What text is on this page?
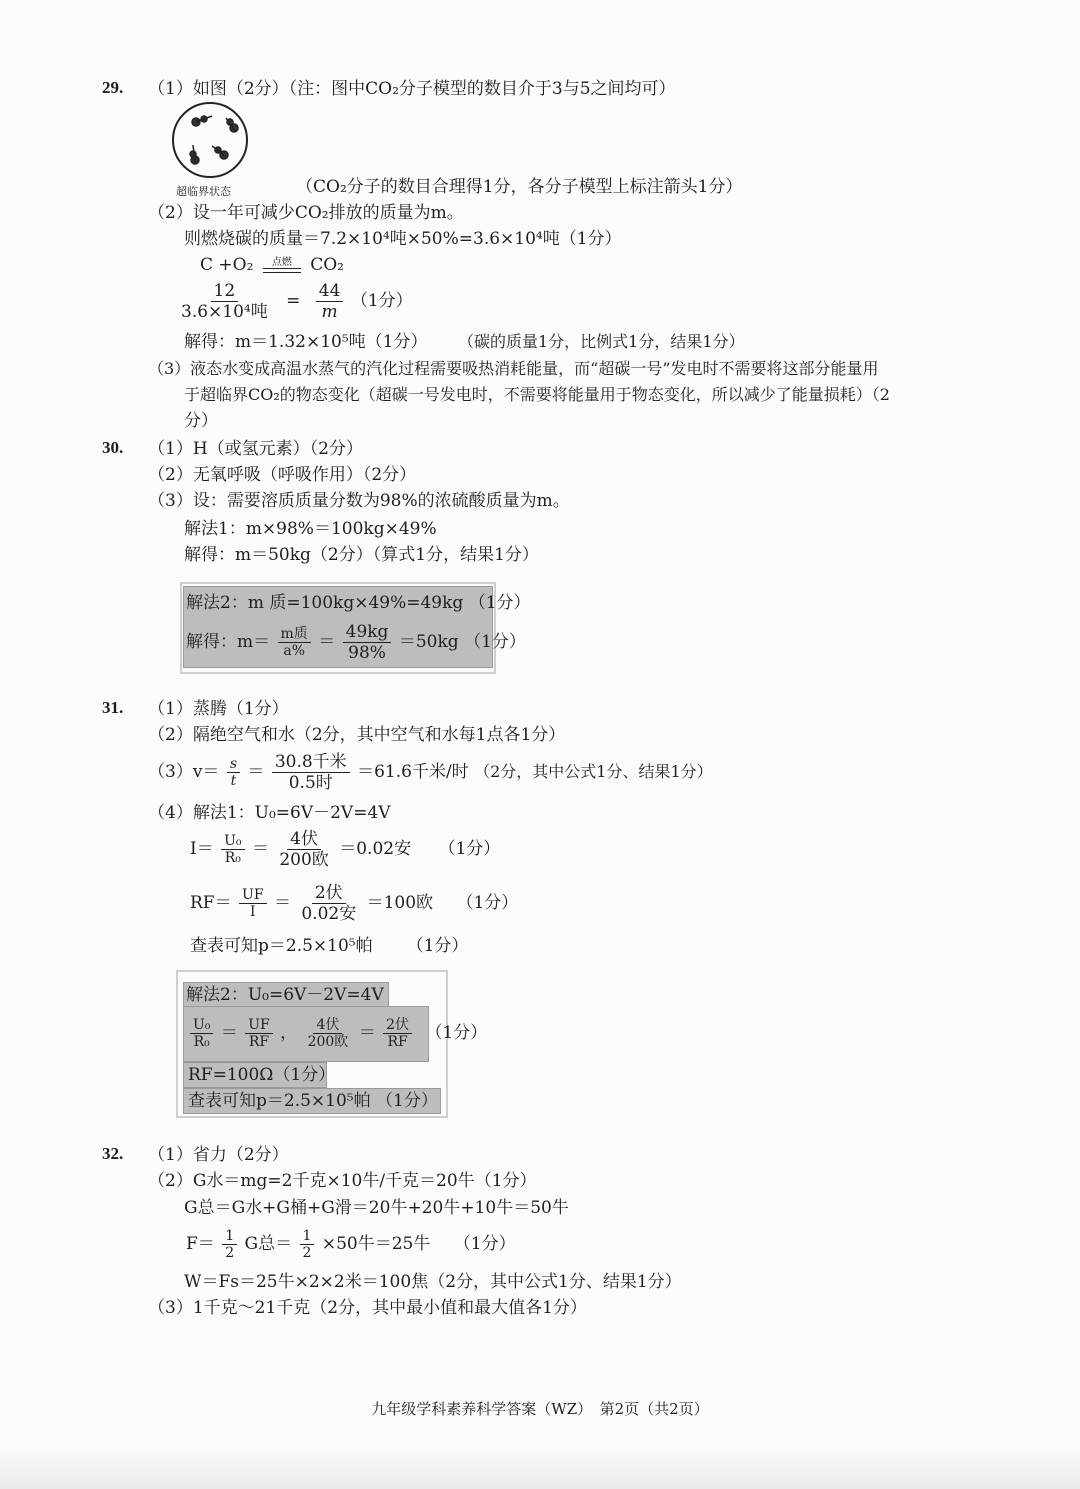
29. （1）如图（2分）（注：图中CO₂分子模型的数目介于3与5之间均可）
超临界状态	（CO₂分子的数目合理得1分，各分子模型上标注箭头1分）
（2）设一年可减少CO₂排放的质量为m。
则燃烧碳的质量＝7.2×10⁴吨×50%=3.6×10⁴吨（1分）
C +O₂ 点燃 CO₂
$\frac{12}{\text{3.6×10⁴吨}} = \frac{44}{m} (1$分）
解得：m＝1.32×10⁵吨（1分） （碳的质量1分，比例式1分，结果1分）
（3）液态水变成高温水蒸气的汽化过程需要吸热消耗能量，而“超碳一号”发电时不需要将这部分能量用
于超临界CO₂的物态变化（超碳一号发电时，不需要将能量用于物态变化，所以减少了能量损耗）（2
分）
30. （1）H（或氢元素）（2分）
（2）无氧呼吸（呼吸作用）（2分）
（3）设：需要溶质质量分数为98%的浓硫酸质量为m。
解法1：m×98%＝100kg×49%
解得：m＝50kg（2分）（算式1分，结果1分）
解法2：m 质=100kg×49%=49kg （1分）
解得：$m= \frac{\text{m质}}{a\%} = \frac{49kg}{98\%} =50kg$ （1分）
31. （1）蒸腾（1分）
（2）隔绝空气和水（2分，其中空气和水每1点各1分）
$(3)v= \frac{s}{t} = \frac{\text{30.8千米}}{\text{0.5时}} =61.6$千米/时 （2分，其中公式1分、结果1分）
（4）解法1：U₀=6V－2V=4V
$I= \frac{\text{U₀}}{\text{R₀}} = \frac{\text{4伏}}{\text{200欧}} =0.02$安 （1分）
$RF= \frac{UF}{I} = \frac{\text{2伏}}{\text{0.02安}} =100$欧 （1分）
查表可知p＝2.5×10⁵帕 （1分）
解法2：U₀=6V－2V=4V
$\frac{\text{U₀}}{\text{R₀}} = \frac{UF}{RF}$ ， $\frac{\text{4伏}}{\text{200欧}} = \frac{\text{2伏}}{RF} (1$分）
RF=100Ω（1分）
查表可知p＝2.5×10⁵帕 （1分）
32. （1）省力（2分）
（2）G水＝mg=2千克×10牛/千克＝20牛（1分）
G总＝G水+G桶+G滑＝20牛+20牛+10牛＝50牛
$F= \frac{1}{2}$ G总＝ $\frac{1}{2} \times 50$牛＝25牛 （1分）
W＝Fs＝25牛×2×2米＝100焦（2分，其中公式1分、结果1分）
（3）1千克～21千克（2分，其中最小值和最大值各1分）
九年级学科素养科学答案（WZ）　第2页（共2页）
